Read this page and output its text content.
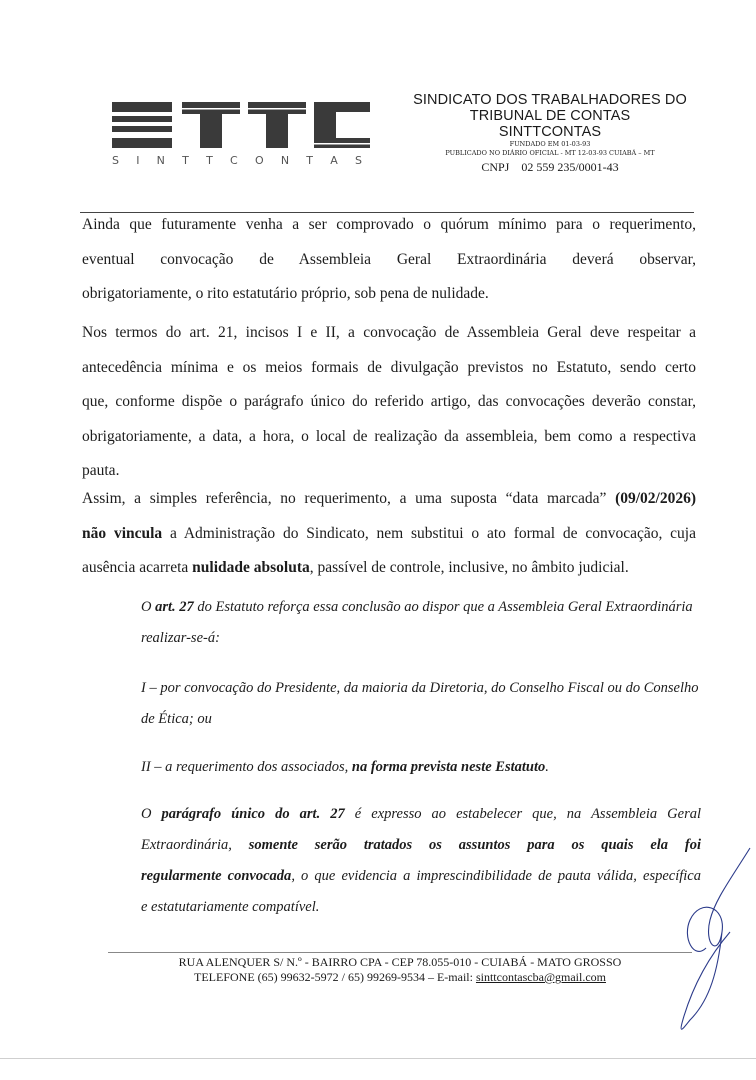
S I N T T C O N T A S
SINDICATO DOS TRABALHADORES DO
TRIBUNAL DE CONTAS
SINTTCONTAS
FUNDADO EM 01-03-93
PUBLICADO NO DIÁRIO OFICIAL - MT 12-03-93 CUIABÁ – MT
CNPJ 02 559 235/0001-43
Ainda que futuramente venha a ser comprovado o quórum mínimo para o requerimento,
eventual convocação de Assembleia Geral Extraordinária deverá observar,
obrigatoriamente, o rito estatutário próprio, sob pena de nulidade.
Nos termos do art. 21, incisos I e II, a convocação de Assembleia Geral deve respeitar a
antecedência mínima e os meios formais de divulgação previstos no Estatuto, sendo certo
que, conforme dispõe o parágrafo único do referido artigo, das convocações deverão constar,
obrigatoriamente, a data, a hora, o local de realização da assembleia, bem como a respectiva
pauta.
Assim, a simples referência, no requerimento, a uma suposta “data marcada” (09/02/2026)
não vincula a Administração do Sindicato, nem substitui o ato formal de convocação, cuja
ausência acarreta nulidade absoluta, passível de controle, inclusive, no âmbito judicial.
O art. 27 do Estatuto reforça essa conclusão ao dispor que a Assembleia Geral Extraordinária
realizar-se-á:
I – por convocação do Presidente, da maioria da Diretoria, do Conselho Fiscal ou do Conselho
de Ética; ou
II – a requerimento dos associados, na forma prevista neste Estatuto.
O parágrafo único do art. 27 é expresso ao estabelecer que, na Assembleia Geral
Extraordinária, somente serão tratados os assuntos para os quais ela foi
regularmente convocada, o que evidencia a imprescindibilidade de pauta válida, específica
e estatutariamente compatível.
RUA ALENQUER S/ N.º - BAIRRO CPA - CEP 78.055-010 - CUIABÁ - MATO GROSSO
TELEFONE (65) 99632-5972 / 65) 99269-9534 – E-mail: sinttcontascba@gmail.com
